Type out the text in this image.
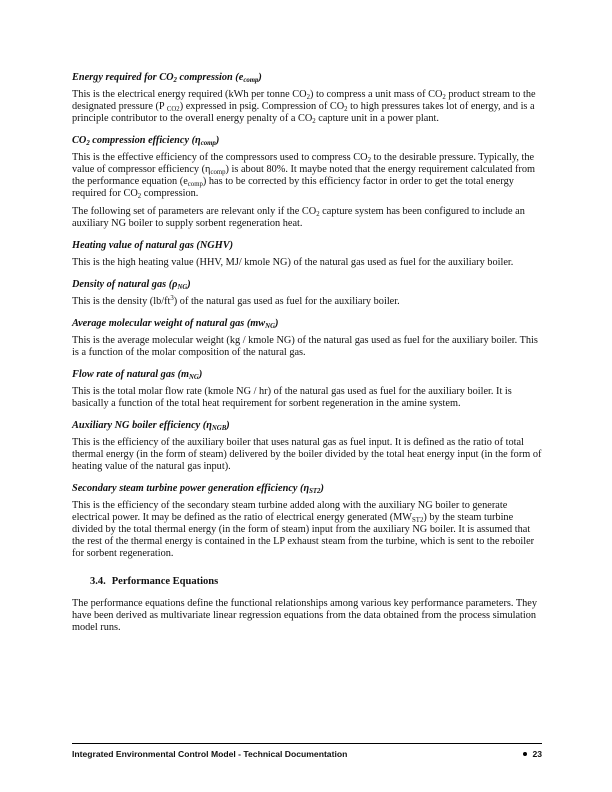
Energy required for $CO_2$ compression $(e_{comp})$

This is the electrical energy required (kWh per tonne $CO_2$) to compress a unit mass of $CO_2$ product stream to the designated pressure (P $_{CO2}$) expressed in psig. Compression of $CO_2$ to high pressures takes lot of energy, and is a principle contributor to the overall energy penalty of a $CO_2$ capture unit in a power plant.

$CO_2$ compression efficiency $(\eta_{comp})$

This is the effective efficiency of the compressors used to compress $CO_2$ to the desirable pressure. Typically, the value of compressor efficiency $(\eta_{comp})$ is about 80%. It maybe noted that the energy requirement calculated from the performance equation $(e_{comp})$ has to be corrected by this efficiency factor in order to get the total energy required for $CO_2$ compression.

The following set of parameters are relevant only if the $CO_2$ capture system has been configured to include an auxiliary NG boiler to supply sorbent regeneration heat.

Heating value of natural gas (NGHV)

This is the high heating value (HHV, MJ/ kmole NG) of the natural gas used as fuel for the auxiliary boiler.

Density of natural gas $(\rho_{NG})$

This is the density $(lb/ft^3)$ of the natural gas used as fuel for the auxiliary boiler.

Average molecular weight of natural gas $(mw_{NG})$

This is the average molecular weight (kg / kmole NG) of the natural gas used as fuel for the auxiliary boiler. This is a function of the molar composition of the natural gas.

Flow rate of natural gas $(m_{NG})$

This is the total molar flow rate (kmole NG / hr) of the natural gas used as fuel for the auxiliary boiler. It is basically a function of the total heat requirement for sorbent regeneration in the amine system.

Auxiliary NG boiler efficiency $(\eta_{NGB})$

This is the efficiency of the auxiliary boiler that uses natural gas as fuel input. It is defined as the ratio of total thermal energy (in the form of steam) delivered by the boiler divided by the total heat energy input (in the form of heating value of the natural gas input).

Secondary steam turbine power generation efficiency $(\eta_{ST2})$

This is the efficiency of the secondary steam turbine added along with the auxiliary NG boiler to generate electrical power. It may be defined as the ratio of electrical energy generated $(MW_{ST2})$ by the steam turbine divided by the total thermal energy (in the form of steam) input from the auxiliary NG boiler. It is assumed that the rest of the thermal energy is contained in the LP exhaust steam from the turbine, which is sent to the reboiler for sorbent regeneration.

3.4. Performance Equations

The performance equations define the functional relationships among various key performance parameters. They have been derived as multivariate linear regression equations from the data obtained from the process simulation model runs.

Integrated Environmental Control Model - Technical Documentation	23
